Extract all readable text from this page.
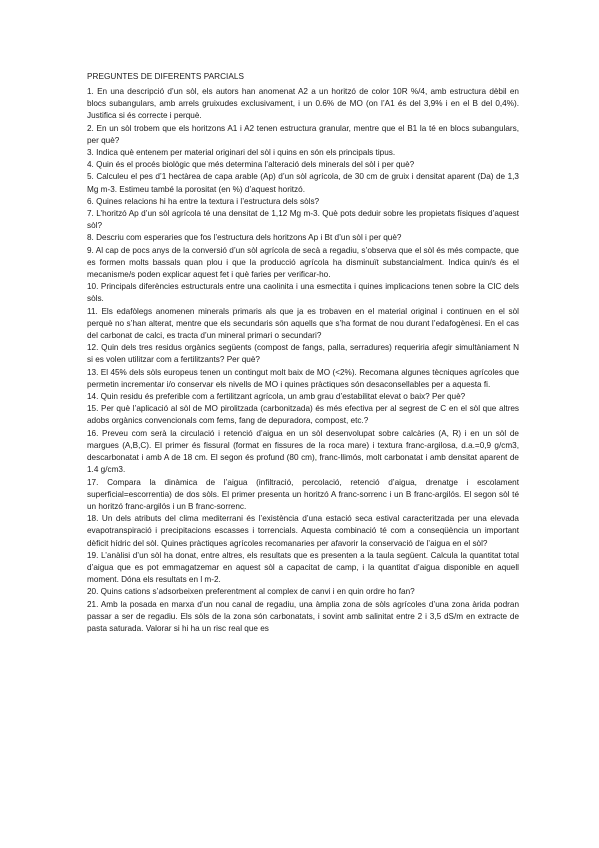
PREGUNTES DE DIFERENTS PARCIALS

1. En una descripció d’un sòl, els autors han anomenat A2 a un horitzó de color 10R %/4, amb estructura dèbil en blocs subangulars, amb arrels gruixudes exclusivament, i un 0.6% de MO (on l’A1 és del 3,9% i en el B del 0,4%). Justifica si és correcte i perquè.

2. En un sòl trobem que els horitzons A1 i A2 tenen estructura granular, mentre que el B1 la té en blocs subangulars, per què?

3. Indica què entenem per material originari del sòl i quins en són els principals tipus.

4. Quin és el procés biològic que més determina l’alteració dels minerals del sòl i per què?

5. Calculeu el pes d’1 hectàrea de capa arable (Ap) d’un sòl agrícola, de 30 cm de gruix i densitat aparent (Da) de 1,3 Mg m-3. Estimeu també la porositat (en %) d’aquest horitzó.

6. Quines relacions hi ha entre la textura i l’estructura dels sòls?

7. L’horitzó Ap d’un sòl agrícola té una densitat de 1,12 Mg m-3. Què pots deduir sobre les propietats físiques d’aquest sòl?

8. Descriu com esperaries que fos l’estructura dels horitzons Ap i Bt d’un sòl i per què?

9. Al cap de pocs anys de la conversió d’un sòl agrícola de secà a regadiu, s’observa que el sòl és més compacte, que es formen molts bassals quan plou i que la producció agrícola ha disminuït substancialment. Indica quin/s és el mecanisme/s poden explicar aquest fet i què faries per verificar-ho.

10. Principals diferències estructurals entre una caolinita i una esmectita i quines implicacions tenen sobre la CIC dels sòls.

11. Els edafòlegs anomenen minerals primaris als que ja es trobaven en el material original i continuen en el sòl perquè no s’han alterat, mentre que els secundaris són aquells que s’ha format de nou durant l’edafogènesi. En el cas del carbonat de calci, es tracta d’un mineral primari o secundari?

12. Quin dels tres residus orgànics següents (compost de fangs, palla, serradures) requeriria afegir simultàniament N si es volen utilitzar com a fertilitzants? Per què?

13. El 45% dels sòls europeus tenen un contingut molt baix de MO (<2%). Recomana algunes tècniques agrícoles que permetin incrementar i/o conservar els nivells de MO i quines pràctiques són desaconsellables per a aquesta fi.

14. Quin residu és preferible com a fertilitzant agrícola, un amb grau d’estabilitat elevat o baix? Per què?

15. Per què l’aplicació al sòl de MO pirolitzada (carbonitzada) és més efectiva per al segrest de C en el sòl que altres adobs orgànics convencionals com fems, fang de depuradora, compost, etc.?

16. Preveu com serà la circulació i retenció d’aigua en un sòl desenvolupat sobre calcàries (A, R) i en un sòl de margues (A,B,C). El primer és fissural (format en fissures de la roca mare) i textura franc-argilosa, d.a.=0,9 g/cm3, descarbonatat i amb A de 18 cm. El segon és profund (80 cm), franc-llimós, molt carbonatat i amb densitat aparent de 1.4 g/cm3.

17. Compara la dinàmica de l’aigua (infiltració, percolació, retenció d’aigua, drenatge i escolament superficial=escorrentia) de dos sòls. El primer presenta un horitzó A franc-sorrenc i un B franc-argilós. El segon sòl té un horitzó franc-argilós i un B franc-sorrenc.

18. Un dels atributs del clima mediterrani és l’existència d’una estació seca estival caracteritzada per una elevada evapotranspiració i precipitacions escasses i torrencials. Aquesta combinació té com a conseqüència un important dèficit hídric del sòl. Quines pràctiques agrícoles recomanaries per afavorir la conservació de l’aigua en el sòl?

19. L’anàlisi d’un sòl ha donat, entre altres, els resultats que es presenten a la taula següent. Calcula la quantitat total d’aigua que es pot emmagatzemar en aquest sòl a capacitat de camp, i la quantitat d’aigua disponible en aquell moment. Dóna els resultats en l m-2.

20. Quins cations s’adsorbeixen preferentment al complex de canvi i en quin ordre ho fan?

21. Amb la posada en marxa d’un nou canal de regadiu, una àmplia zona de sòls agrícoles d’una zona àrida podran passar a ser de regadiu. Els sòls de la zona són carbonatats, i sovint amb salinitat entre 2 i 3,5 dS/m en extracte de pasta saturada. Valorar si hi ha un risc real que es
